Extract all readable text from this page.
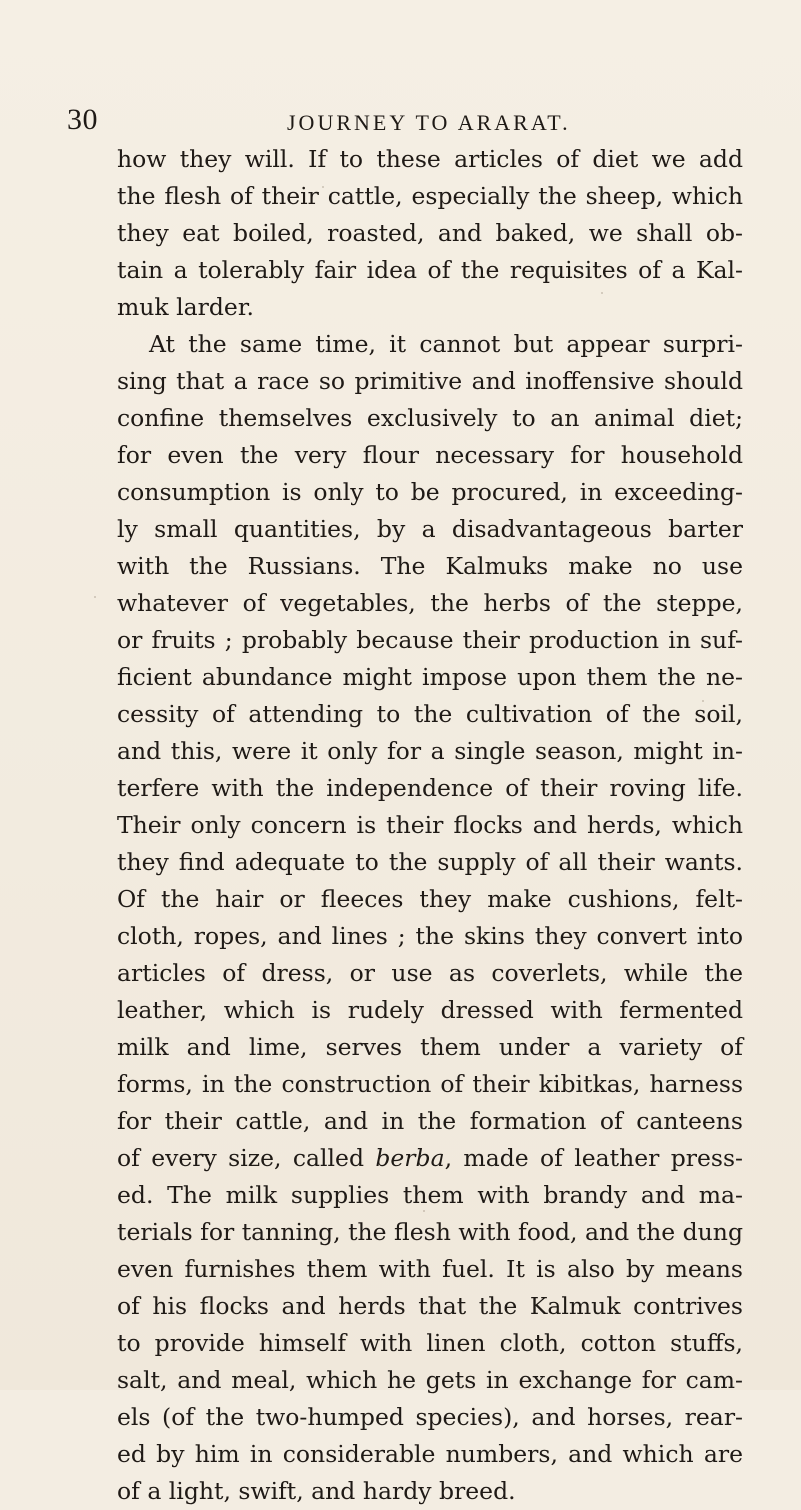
30	JOURNEY TO ARARAT.
how they will. If to these articles of diet we add
the flesh of their cattle, especially the sheep, which
they eat boiled, roasted, and baked, we shall ob-
tain a tolerably fair idea of the requisites of a Kal-
muk larder.
At the same time, it cannot but appear surpri-
sing that a race so primitive and inoffensive should
confine themselves exclusively to an animal diet;
for even the very flour necessary for household
consumption is only to be procured, in exceeding-
ly small quantities, by a disadvantageous barter
with the Russians. The Kalmuks make no use
whatever of vegetables, the herbs of the steppe,
or fruits ; probably because their production in suf-
ficient abundance might impose upon them the ne-
cessity of attending to the cultivation of the soil,
and this, were it only for a single season, might in-
terfere with the independence of their roving life.
Their only concern is their flocks and herds, which
they find adequate to the supply of all their wants.
Of the hair or fleeces they make cushions, felt-
cloth, ropes, and lines ; the skins they convert into
articles of dress, or use as coverlets, while the
leather, which is rudely dressed with fermented
milk and lime, serves them under a variety of
forms, in the construction of their kibitkas, harness
for their cattle, and in the formation of canteens
of every size, called berba, made of leather press-
ed. The milk supplies them with brandy and ma-
terials for tanning, the flesh with food, and the dung
even furnishes them with fuel. It is also by means
of his flocks and herds that the Kalmuk contrives
to provide himself with linen cloth, cotton stuffs,
salt, and meal, which he gets in exchange for cam-
els (of the two-humped species), and horses, rear-
ed by him in considerable numbers, and which are
of a light, swift, and hardy breed.
